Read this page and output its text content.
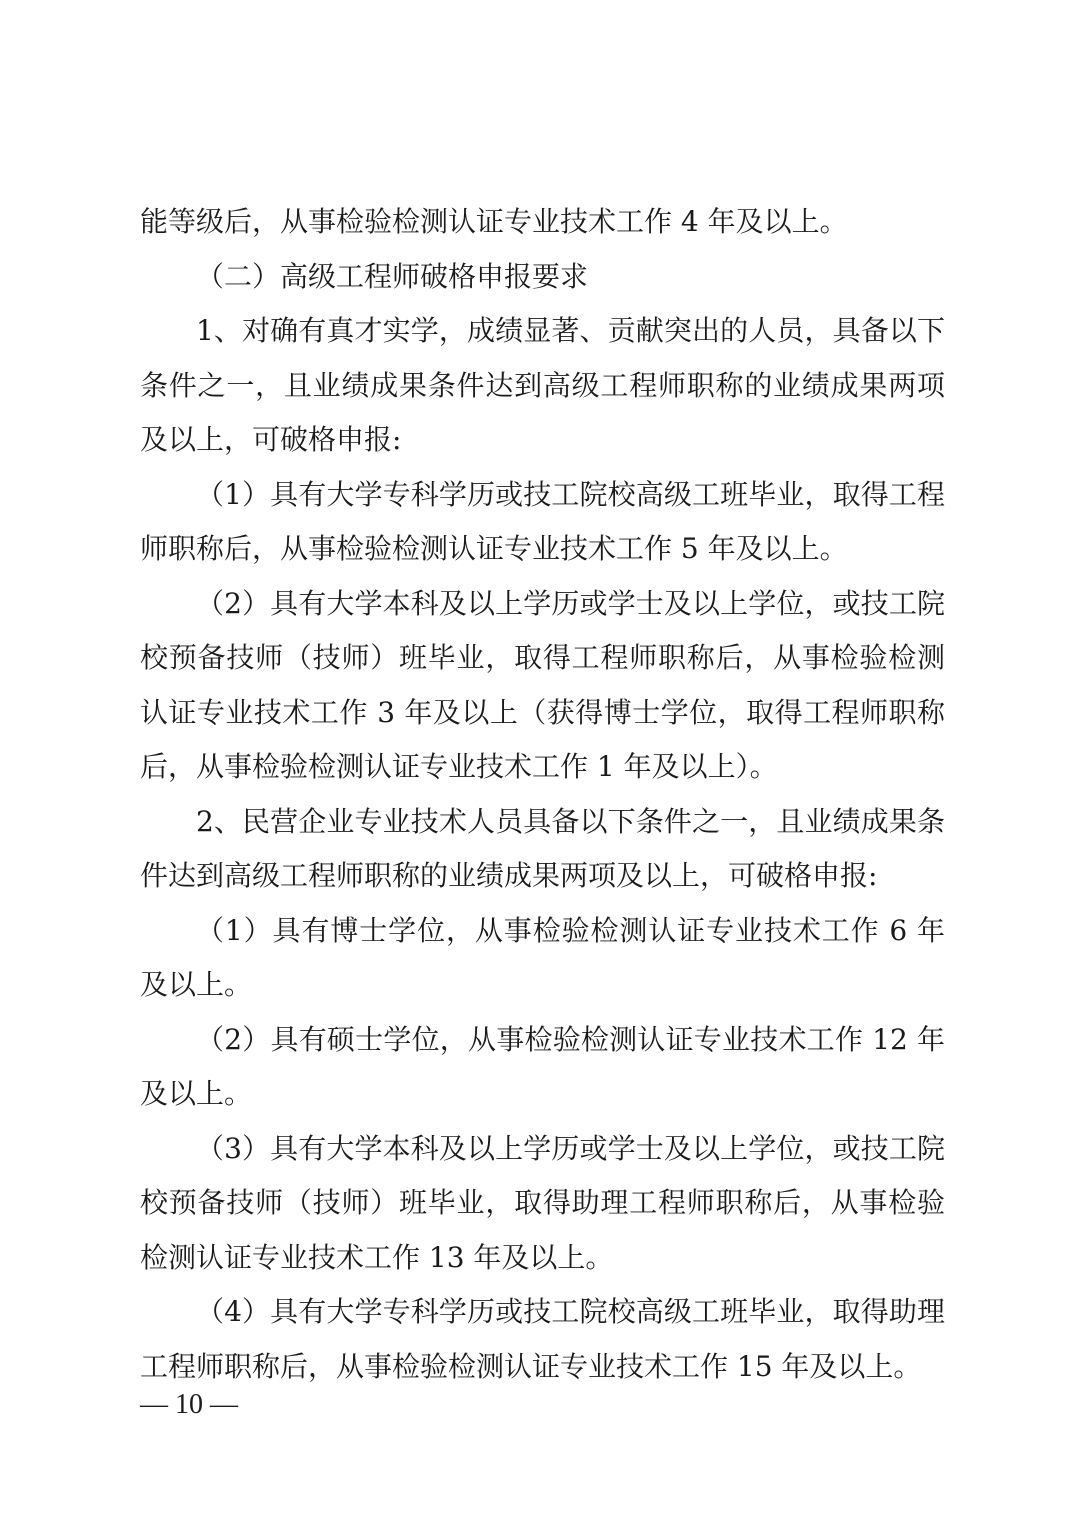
能等级后，从事检验检测认证专业技术工作 4 年及以上。

（二）高级工程师破格申报要求

1、对确有真才实学，成绩显著、贡献突出的人员，具备以下条件之一，且业绩成果条件达到高级工程师职称的业绩成果两项及以上，可破格申报:

（1）具有大学专科学历或技工院校高级工班毕业，取得工程师职称后，从事检验检测认证专业技术工作 5 年及以上。

（2）具有大学本科及以上学历或学士及以上学位，或技工院校预备技师（技师）班毕业，取得工程师职称后，从事检验检测认证专业技术工作 3 年及以上（获得博士学位，取得工程师职称后，从事检验检测认证专业技术工作 1 年及以上）。

2、民营企业专业技术人员具备以下条件之一，且业绩成果条件达到高级工程师职称的业绩成果两项及以上，可破格申报:

（1）具有博士学位，从事检验检测认证专业技术工作 6 年及以上。

（2）具有硕士学位，从事检验检测认证专业技术工作 12 年及以上。

（3）具有大学本科及以上学历或学士及以上学位，或技工院校预备技师（技师）班毕业，取得助理工程师职称后，从事检验检测认证专业技术工作 13 年及以上。

（4）具有大学专科学历或技工院校高级工班毕业，取得助理工程师职称后，从事检验检测认证专业技术工作 15 年及以上。

— 10 —
